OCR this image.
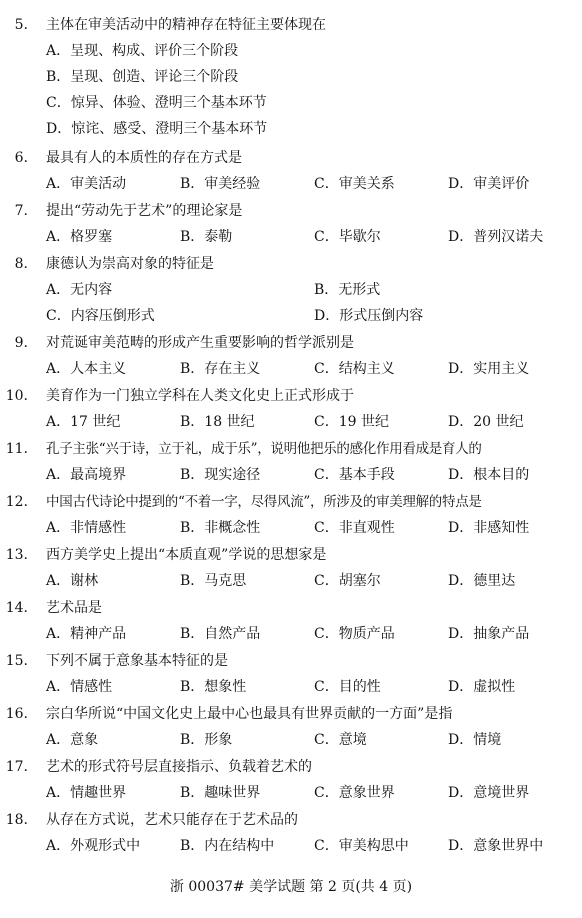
5. 主体在审美活动中的精神存在特征主要体现在
A．呈现、构成、评价三个阶段
B．呈现、创造、评论三个阶段
C．惊异、体验、澄明三个基本环节
D．惊诧、感受、澄明三个基本环节
6. 最具有人的本质性的存在方式是
A．审美活动	B．审美经验	C．审美关系	D．审美评价
7. 提出“劳动先于艺术”的理论家是
A．格罗塞	B．泰勒	C．毕歇尔	D．普列汉诺夫
8. 康德认为崇高对象的特征是
A．无内容	B．无形式
C．内容压倒形式	D．形式压倒内容
9. 对荒诞审美范畴的形成产生重要影响的哲学派别是
A．人本主义	B．存在主义	C．结构主义	D．实用主义
10. 美育作为一门独立学科在人类文化史上正式形成于
A．17 世纪	B．18 世纪	C．19 世纪	D．20 世纪
11. 孔子主张“兴于诗，立于礼，成于乐”，说明他把乐的感化作用看成是育人的
A．最高境界	B．现实途径	C．基本手段	D．根本目的
12. 中国古代诗论中提到的“不着一字，尽得风流”，所涉及的审美理解的特点是
A．非情感性	B．非概念性	C．非直观性	D．非感知性
13. 西方美学史上提出“本质直观”学说的思想家是
A．谢林	B．马克思	C．胡塞尔	D．德里达
14. 艺术品是
A．精神产品	B．自然产品	C．物质产品	D．抽象产品
15. 下列不属于意象基本特征的是
A．情感性	B．想象性	C．目的性	D．虚拟性
16. 宗白华所说“中国文化史上最中心也最具有世界贡献的一方面”是指
A．意象	B．形象	C．意境	D．情境
17. 艺术的形式符号层直接指示、负载着艺术的
A．情趣世界	B．趣味世界	C．意象世界	D．意境世界
18. 从存在方式说，艺术只能存在于艺术品的
A．外观形式中	B．内在结构中	C．审美构思中	D．意象世界中
浙 00037# 美学试题 第 2 页(共 4 页)
